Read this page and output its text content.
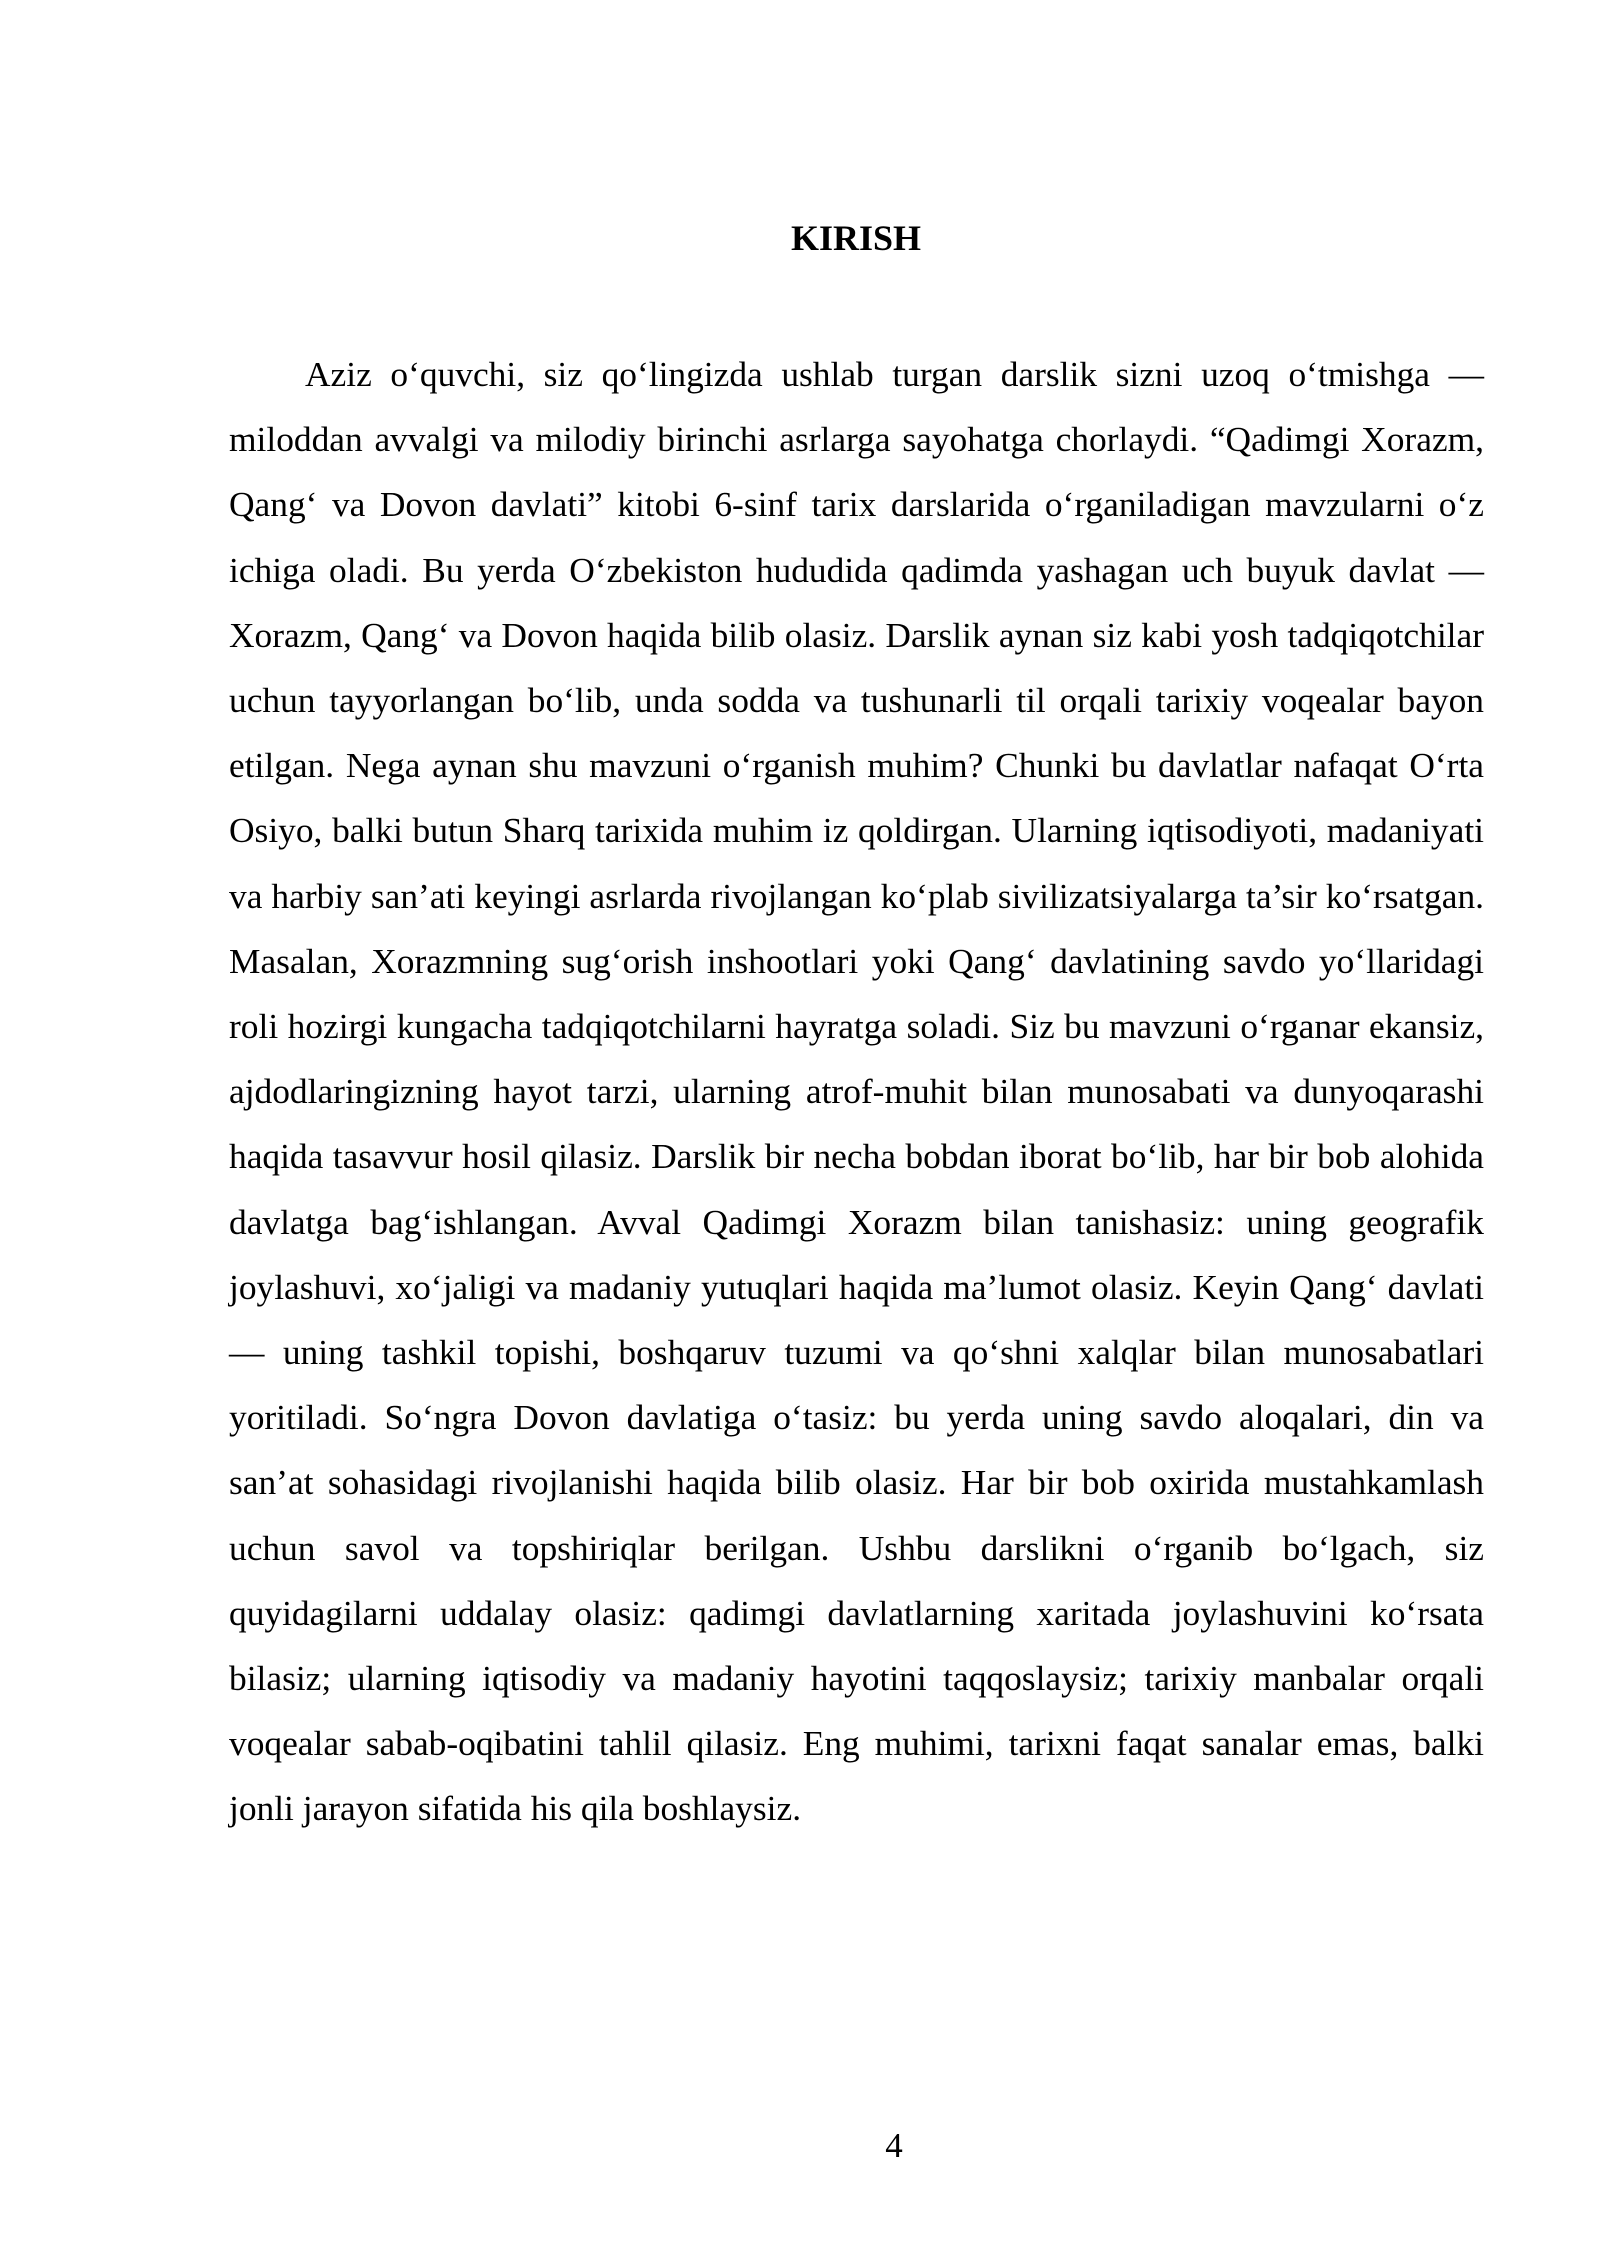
KIRISH

Aziz o‘quvchi, siz qo‘lingizda ushlab turgan darslik sizni uzoq o‘tmishga — miloddan avvalgi va milodiy birinchi asrlarga sayohatga chorlaydi. “Qadimgi Xorazm, Qang‘ va Dovon davlati” kitobi 6-sinf tarix darslarida o‘rganiladigan mavzularni o‘z ichiga oladi. Bu yerda O‘zbekiston hududida qadimda yashagan uch buyuk davlat — Xorazm, Qang‘ va Dovon haqida bilib olasiz. Darslik aynan siz kabi yosh tadqiqotchilar uchun tayyorlangan bo‘lib, unda sodda va tushunarli til orqali tarixiy voqealar bayon etilgan. Nega aynan shu mavzuni o‘rganish muhim? Chunki bu davlatlar nafaqat O‘rta Osiyo, balki butun Sharq tarixida muhim iz qoldirgan. Ularning iqtisodiyoti, madaniyati va harbiy san’ati keyingi asrlarda rivojlangan ko‘plab sivilizatsiyalarga ta’sir ko‘rsatgan. Masalan, Xorazmning sug‘orish inshootlari yoki Qang‘ davlatining savdo yo‘llaridagi roli hozirgi kungacha tadqiqotchilarni hayratga soladi. Siz bu mavzuni o‘rganar ekansiz, ajdodlaringizning hayot tarzi, ularning atrof-muhit bilan munosabati va dunyoqarashi haqida tasavvur hosil qilasiz. Darslik bir necha bobdan iborat bo‘lib, har bir bob alohida davlatga bag‘ishlangan. Avval Qadimgi Xorazm bilan tanishasiz: uning geografik joylashuvi, xo‘jaligi va madaniy yutuqlari haqida ma’lumot olasiz. Keyin Qang‘ davlati — uning tashkil topishi, boshqaruv tuzumi va qo‘shni xalqlar bilan munosabatlari yoritiladi. So‘ngra Dovon davlatiga o‘tasiz: bu yerda uning savdo aloqalari, din va san’at sohasidagi rivojlanishi haqida bilib olasiz. Har bir bob oxirida mustahkamlash uchun savol va topshiriqlar berilgan. Ushbu darslikni o‘rganib bo‘lgach, siz quyidagilarni uddalay olasiz: qadimgi davlatlarning xaritada joylashuvini ko‘rsata bilasiz; ularning iqtisodiy va madaniy hayotini taqqoslaysiz; tarixiy manbalar orqali voqealar sabab-oqibatini tahlil qilasiz. Eng muhimi, tarixni faqat sanalar emas, balki jonli jarayon sifatida his qila boshlaysiz.

4
